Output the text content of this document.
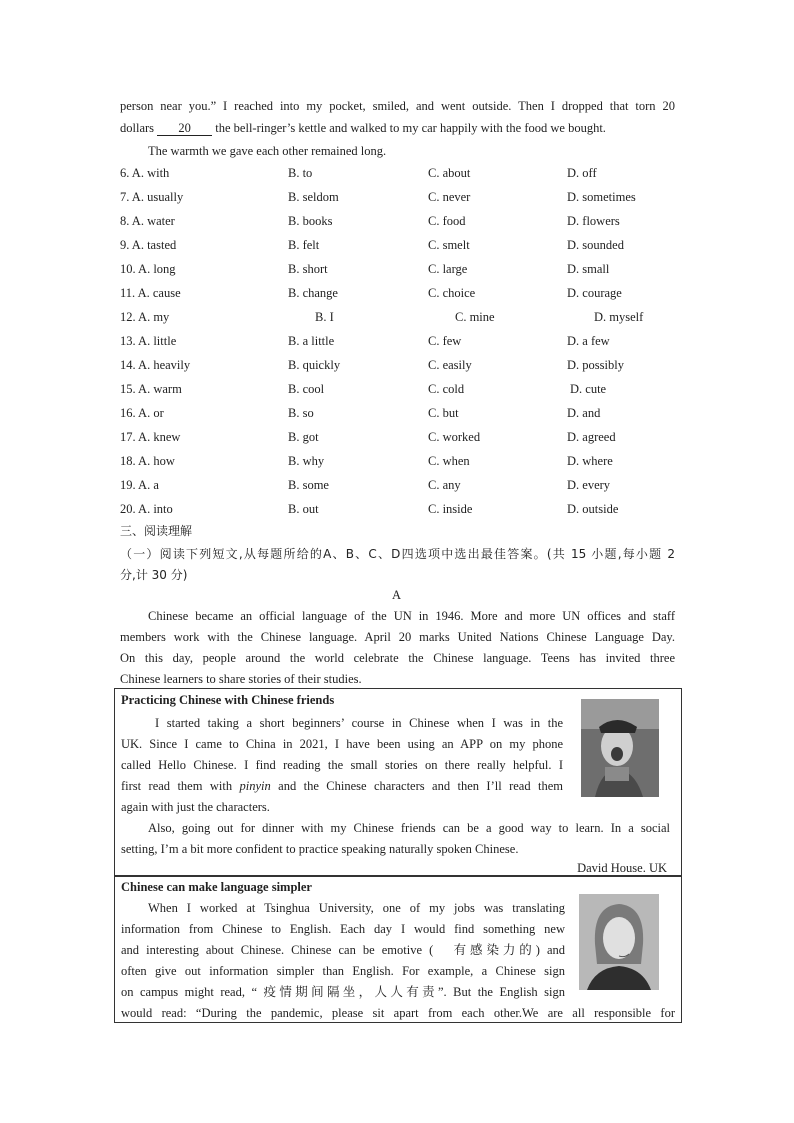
person near you.” I reached into my pocket, smiled, and went outside. Then I dropped that torn 20
dollars 20 the bell-ringer’s kettle and walked to my car happily with the food we bought.
The warmth we gave each other remained long.
6. A. with	B. to	C. about	D. off
7. A. usually	B. seldom	C. never	D. sometimes
8. A. water	B. books	C. food	D. flowers
9. A. tasted	B. felt	C. smelt	D. sounded
10. A. long	B. short	C. large	D. small
11. A. cause	B. change	C. choice	D. courage
12. A. my	B. I	C. mine	D. myself
13. A. little	B. a little	C. few	D. a few
14. A. heavily	B. quickly	C. easily	D. possibly
15. A. warm	B. cool	C. cold	D. cute
16. A. or	B. so	C. but	D. and
17. A. knew	B. got	C. worked	D. agreed
18. A. how	B. why	C. when	D. where
19. A. a	B. some	C. any	D. every
20. A. into	B. out	C. inside	D. outside
三、阅读理解
（一）阅读下列短文,从每题所给的A、B、C、D四选项中选出最佳答案。(共 15 小题,每小题 2
分,计 30 分)
A
Chinese became an official language of the UN in 1946. More and more UN offices and staff
members work with the Chinese language. April 20 marks United Nations Chinese Language Day.
On this day, people around the world celebrate the Chinese language. Teens has invited three
Chinese learners to share stories of their studies.
Practicing Chinese with Chinese friends
I started taking a short beginners’ course in Chinese when I was in the
UK. Since I came to China in 2021, I have been using an APP on my phone
called Hello Chinese. I find reading the small stories on there really helpful. I
first read them with pinyin and the Chinese characters and then I’ll read them
again with just the characters.
Also, going out for dinner with my Chinese friends can be a good way to learn. In a social
setting, I’m a bit more confident to practice speaking naturally spoken Chinese.
David House. UK
Chinese can make language simpler
When I worked at Tsinghua University, one of my jobs was translating
information from Chinese to English. Each day I would find something new
and interesting about Chinese. Chinese can be emotive (　有感染力的) and
often give out information simpler than English. For example, a Chinese sign
on campus might read, “ 疫情期间隔坐，人人有责”. But the English sign
would read: “During the pandemic, please sit apart from each other.We are all responsible for
